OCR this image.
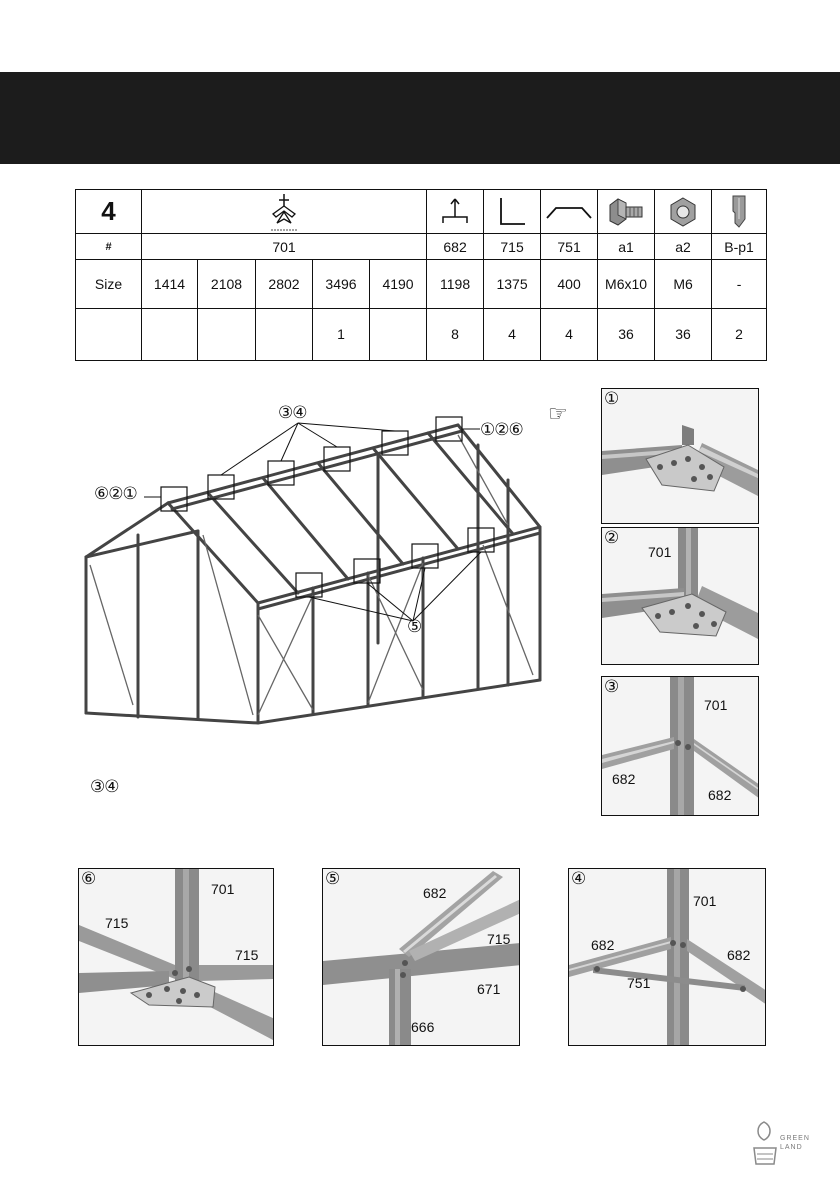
4	

#	701					682	715	751	a1	a2	B-p1
Size	1414	2108	2802	3496	4190	1198	1375	400	M6x10	M6	-
				1		8	4	4	36	36	2
③④
①②⑥
⑥②①
⑤
③④
☞
①
②
701
③
701
682
682
⑥	701
715
715
⑤
682
715
671
666
④
701
682
682
751
GREEN
LAND
